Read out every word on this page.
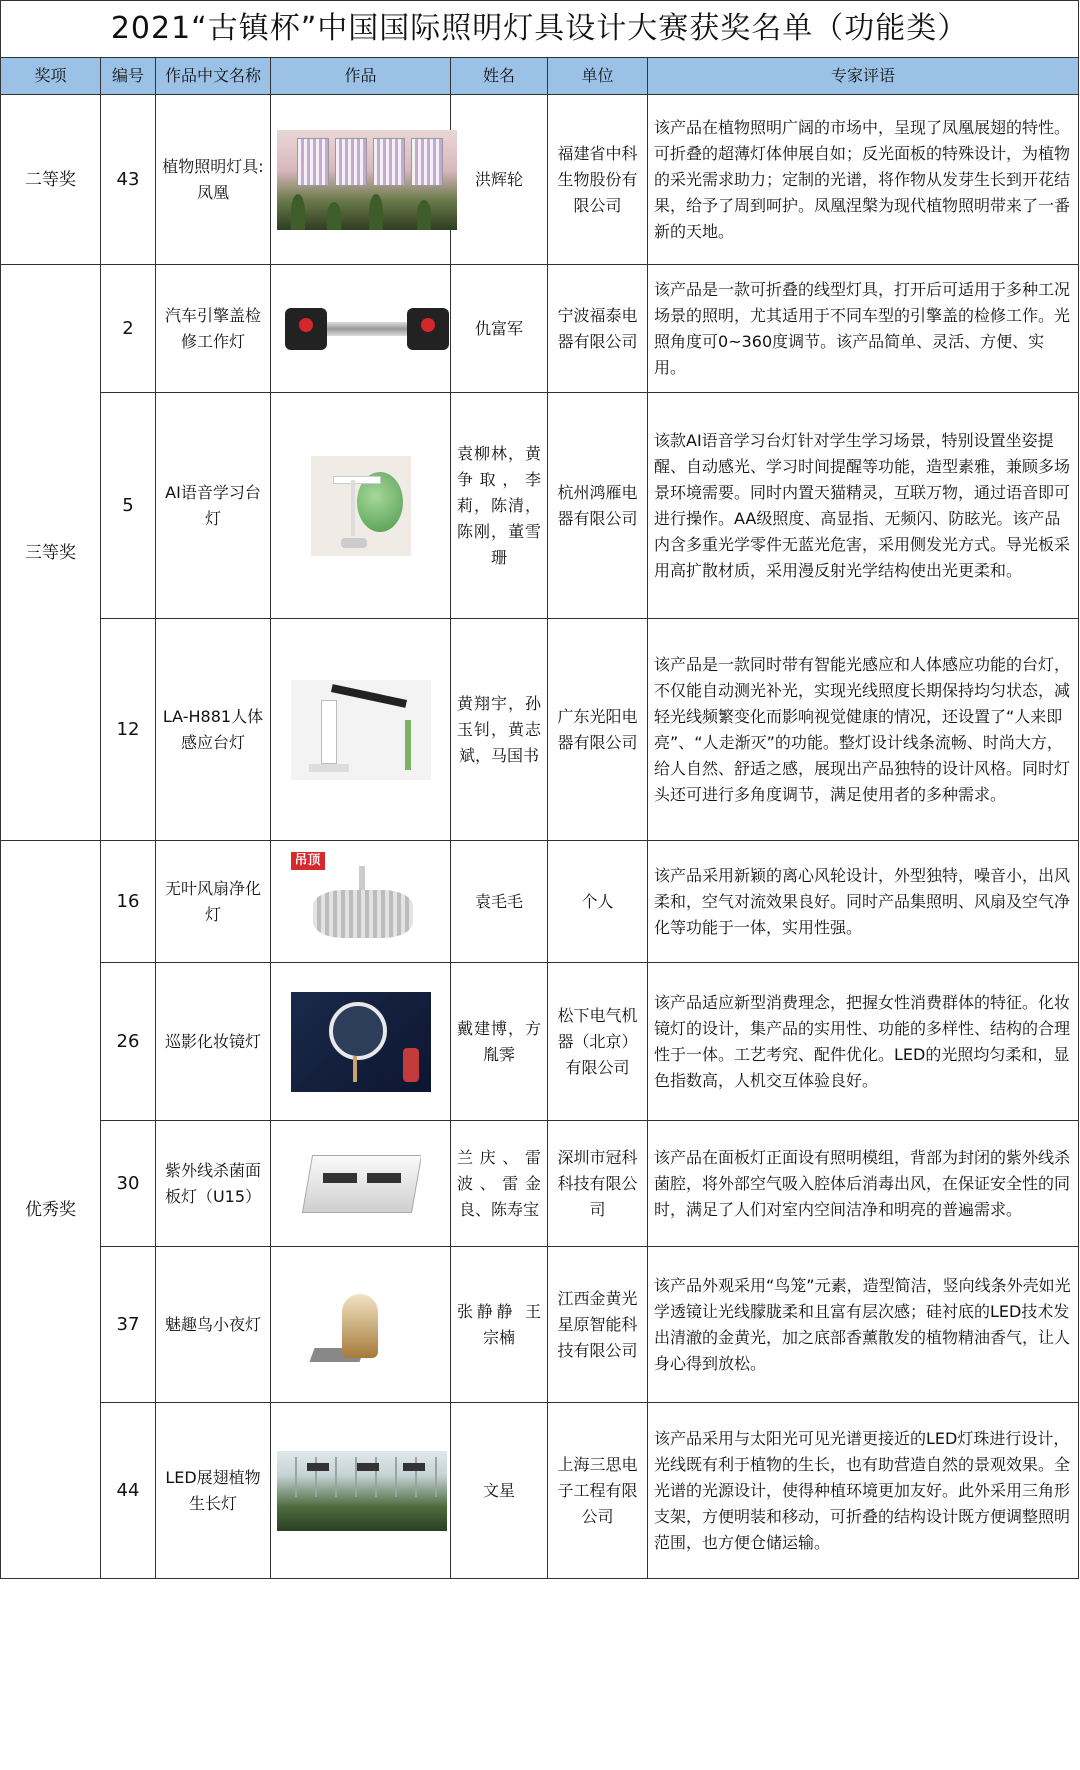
2021“古镇杯”中国国际照明灯具设计大赛获奖名单（功能类）						
奖项	编号	作品中文名称	作品	姓名	单位	专家评语
二等奖	43	植物照明灯具:凤凰		洪辉轮	福建省中科生物股份有限公司	该产品在植物照明广阔的市场中，呈现了凤凰展翅的特性。可折叠的超薄灯体伸展自如；反光面板的特殊设计，为植物的采光需求助力；定制的光谱，将作物从发芽生长到开花结果，给予了周到呵护。凤凰涅槃为现代植物照明带来了一番新的天地。
三等奖	2	汽车引擎盖检修工作灯		仇富军	宁波福泰电器有限公司	该产品是一款可折叠的线型灯具，打开后可适用于多种工况场景的照明，尤其适用于不同车型的引擎盖的检修工作。光照角度可0~360度调节。该产品简单、灵活、方便、实用。
	5	AI语音学习台灯		袁柳林，黄争取，李莉，陈清，陈刚，董雪珊	杭州鸿雁电器有限公司	该款AI语音学习台灯针对学生学习场景，特别设置坐姿提醒、自动感光、学习时间提醒等功能，造型素雅，兼顾多场景环境需要。同时内置天猫精灵，互联万物，通过语音即可进行操作。AA级照度、高显指、无频闪、防眩光。该产品内含多重光学零件无蓝光危害，采用侧发光方式。导光板采用高扩散材质，采用漫反射光学结构使出光更柔和。
	12	LA-H881人体感应台灯		黄翔宇，孙玉钊，黄志斌，马国书	广东光阳电器有限公司	该产品是一款同时带有智能光感应和人体感应功能的台灯，不仅能自动测光补光，实现光线照度长期保持均匀状态，减轻光线频繁变化而影响视觉健康的情况，还设置了“人来即亮”、“人走渐灭”的功能。整灯设计线条流畅、时尚大方，给人自然、舒适之感，展现出产品独特的设计风格。同时灯头还可进行多角度调节，满足使用者的多种需求。
优秀奖	16	无叶风扇净化灯	吊顶	袁毛毛	个人	该产品采用新颖的离心风轮设计，外型独特，噪音小，出风柔和，空气对流效果良好。同时产品集照明、风扇及空气净化等功能于一体，实用性强。
	26	巡影化妆镜灯		戴建博，方胤霁	松下电气机器（北京）有限公司	该产品适应新型消费理念，把握女性消费群体的特征。化妆镜灯的设计，集产品的实用性、功能的多样性、结构的合理性于一体。工艺考究、配件优化。LED的光照均匀柔和，显色指数高，人机交互体验良好。
	30	紫外线杀菌面板灯（U15）		兰庆、雷波、雷金良、陈寿宝	深圳市冠科科技有限公司	该产品在面板灯正面设有照明模组，背部为封闭的紫外线杀菌腔，将外部空气吸入腔体后消毒出风，在保证安全性的同时，满足了人们对室内空间洁净和明亮的普遍需求。
	37	魅趣鸟小夜灯		张静静 王宗楠	江西金黄光星原智能科技有限公司	该产品外观采用“鸟笼”元素，造型简洁，竖向线条外壳如光学透镜让光线朦胧柔和且富有层次感；硅衬底的LED技术发出清澈的金黄光，加之底部香薰散发的植物精油香气，让人身心得到放松。
	44	LED展翅植物生长灯		文星	上海三思电子工程有限公司	该产品采用与太阳光可见光谱更接近的LED灯珠进行设计，光线既有利于植物的生长，也有助营造自然的景观效果。全光谱的光源设计，使得种植环境更加友好。此外采用三角形支架，方便明装和移动，可折叠的结构设计既方便调整照明范围，也方便仓储运输。
